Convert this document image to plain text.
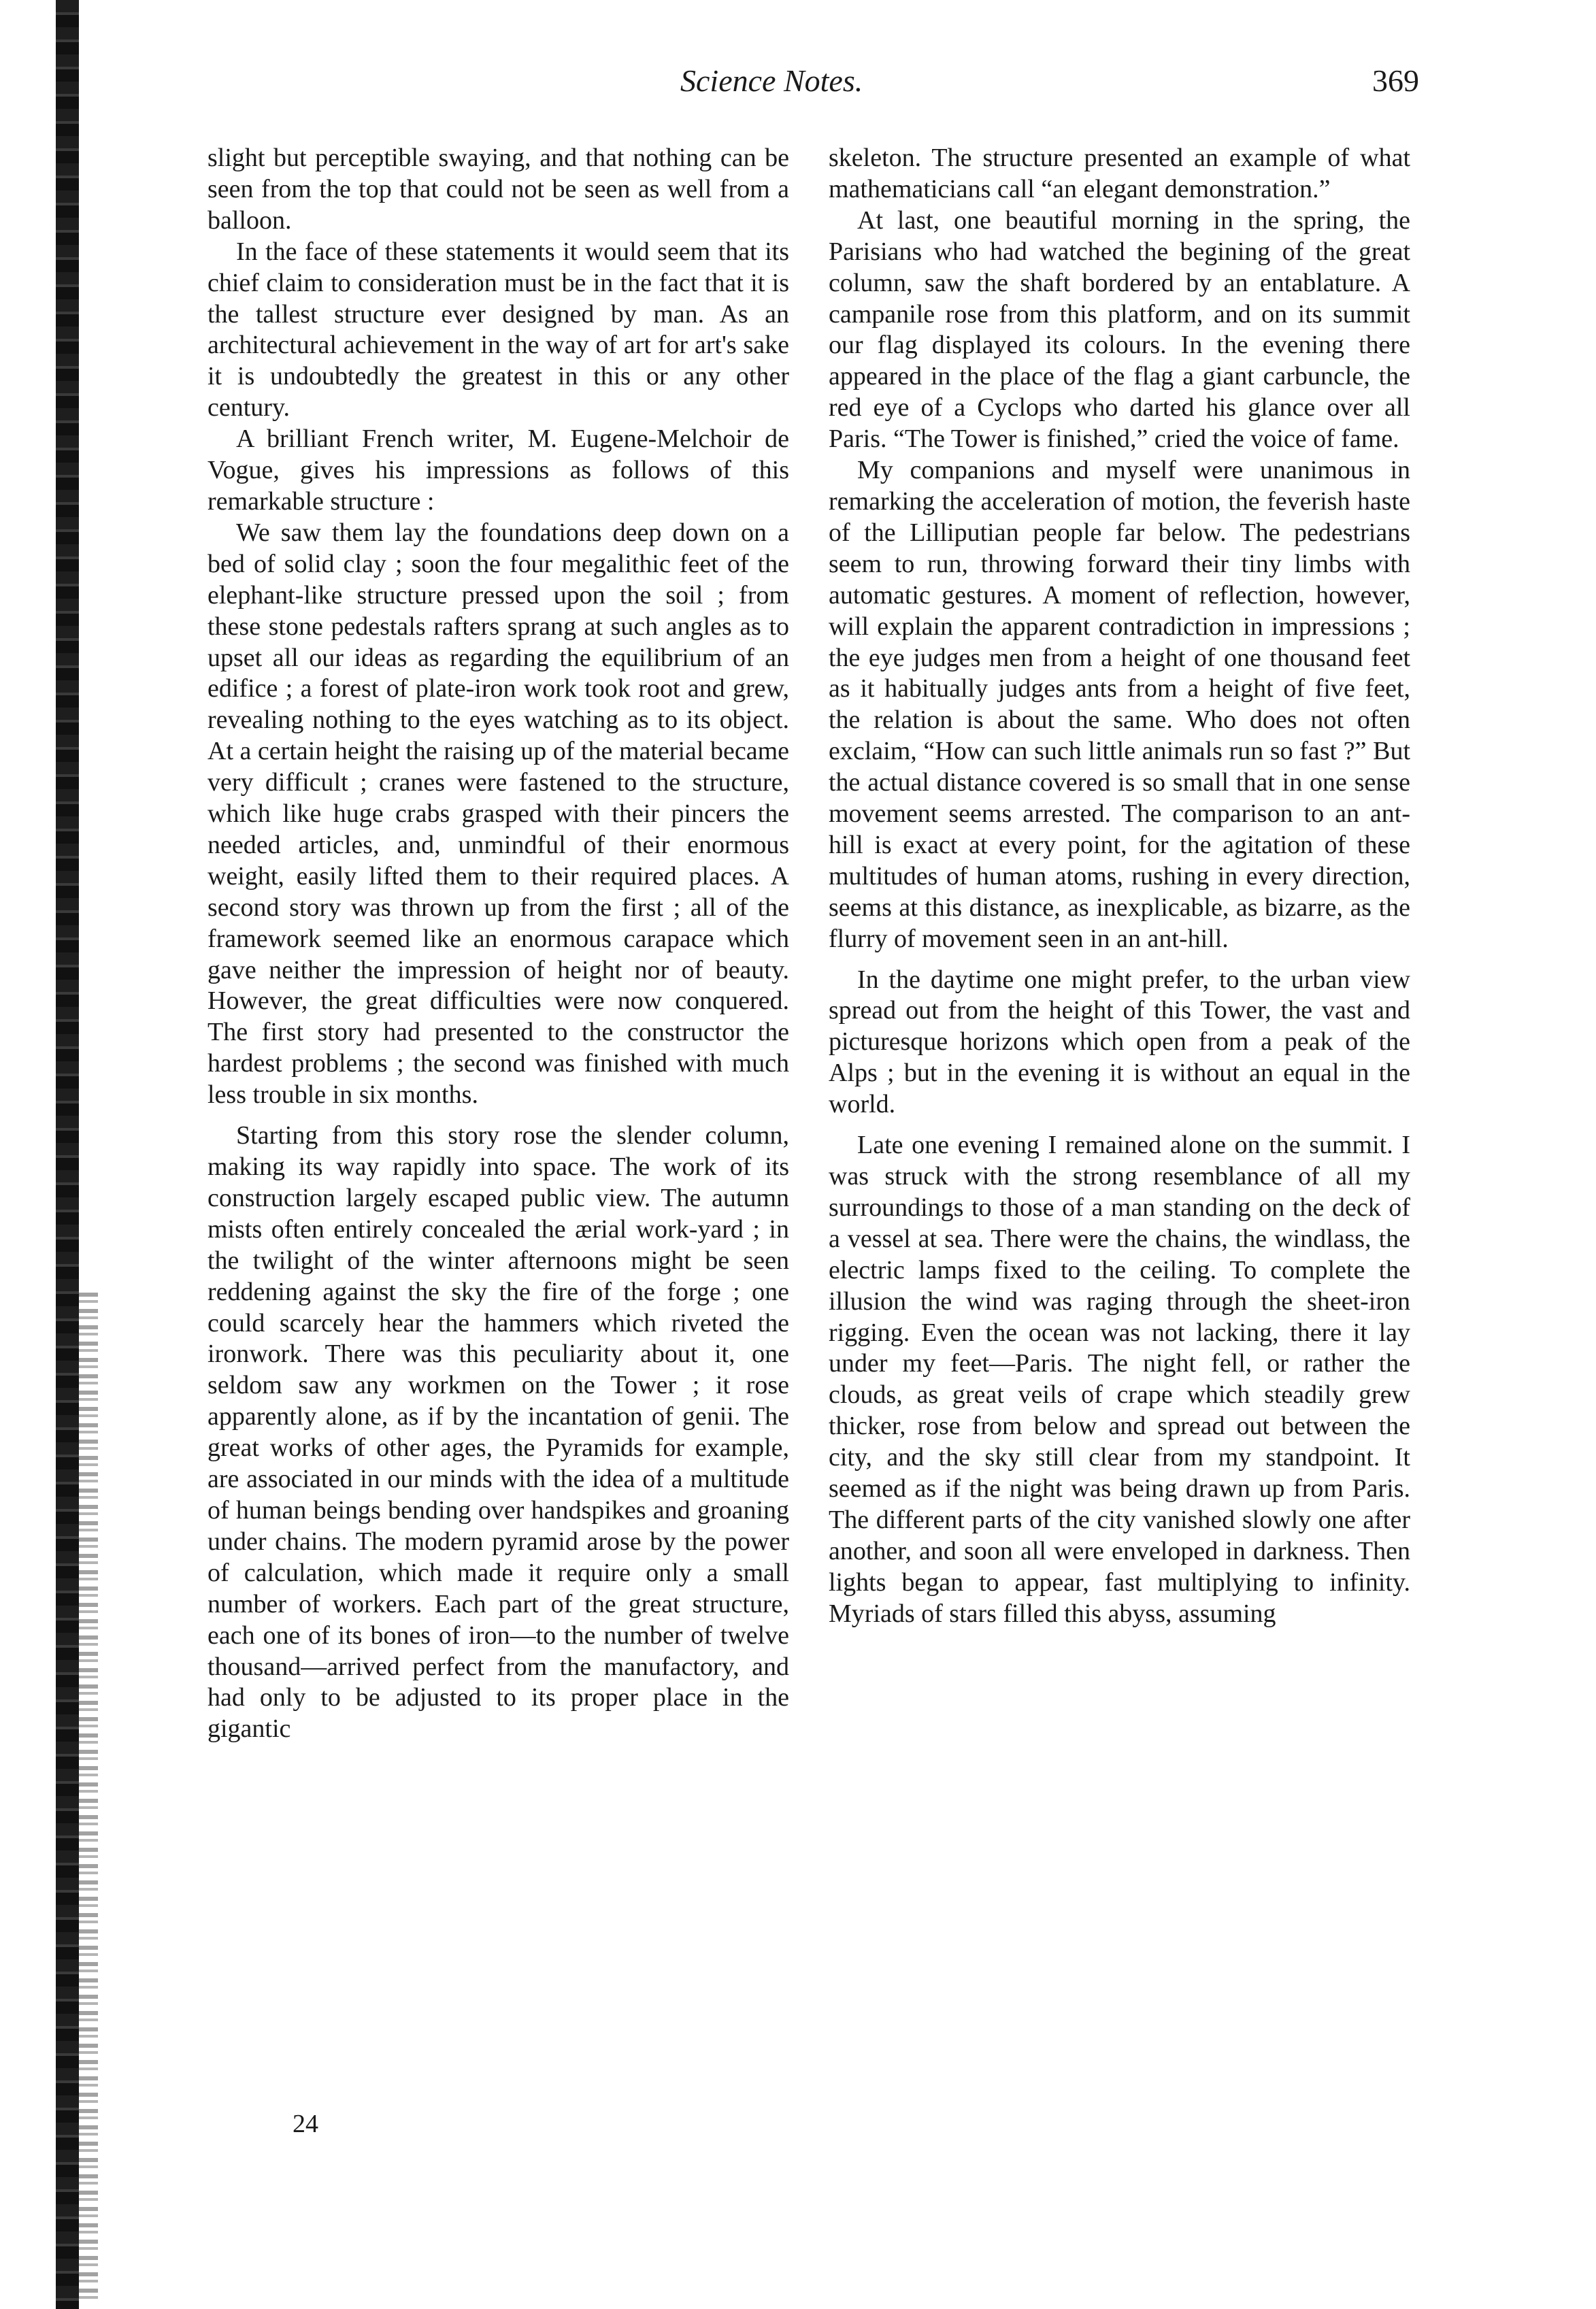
Science Notes.	369

slight but perceptible swaying, and that nothing can be seen from the top that could not be seen as well from a balloon.

In the face of these statements it would seem that its chief claim to consideration must be in the fact that it is the tallest structure ever designed by man. As an architectural achievement in the way of art for art's sake it is undoubtedly the greatest in this or any other century.

A brilliant French writer, M. Eugene-Melchoir de Vogue, gives his impressions as follows of this remarkable structure :

We saw them lay the foundations deep down on a bed of solid clay ; soon the four megalithic feet of the elephant-like structure pressed upon the soil ; from these stone pedestals rafters sprang at such angles as to upset all our ideas as regarding the equilibrium of an edifice ; a forest of plate-iron work took root and grew, revealing nothing to the eyes watching as to its object. At a certain height the raising up of the material became very difficult ; cranes were fastened to the structure, which like huge crabs grasped with their pincers the needed articles, and, unmindful of their enormous weight, easily lifted them to their required places. A second story was thrown up from the first ; all of the framework seemed like an enormous carapace which gave neither the impression of height nor of beauty. However, the great difficulties were now conquered. The first story had presented to the constructor the hardest problems ; the second was finished with much less trouble in six months.

Starting from this story rose the slender column, making its way rapidly into space. The work of its construction largely escaped public view. The autumn mists often entirely concealed the ærial work-yard ; in the twilight of the winter afternoons might be seen reddening against the sky the fire of the forge ; one could scarcely hear the hammers which riveted the ironwork. There was this peculiarity about it, one seldom saw any workmen on the Tower ; it rose apparently alone, as if by the incantation of genii. The great works of other ages, the Pyramids for example, are associated in our minds with the idea of a multitude of human beings bending over handspikes and groaning under chains. The modern pyramid arose by the power of calculation, which made it require only a small number of workers. Each part of the great structure, each one of its bones of iron—to the number of twelve thousand—arrived perfect from the manufactory, and had only to be adjusted to its proper place in the gigantic

skeleton. The structure presented an example of what mathematicians call “an elegant demonstration.”

At last, one beautiful morning in the spring, the Parisians who had watched the begining of the great column, saw the shaft bordered by an entablature. A campanile rose from this platform, and on its summit our flag displayed its colours. In the evening there appeared in the place of the flag a giant carbuncle, the red eye of a Cyclops who darted his glance over all Paris. “The Tower is finished,” cried the voice of fame.

My companions and myself were unanimous in remarking the acceleration of motion, the feverish haste of the Lilliputian people far below. The pedestrians seem to run, throwing forward their tiny limbs with automatic gestures. A moment of reflection, however, will explain the apparent contradiction in impressions ; the eye judges men from a height of one thousand feet as it habitually judges ants from a height of five feet, the relation is about the same. Who does not often exclaim, “How can such little animals run so fast ?” But the actual distance covered is so small that in one sense movement seems arrested. The comparison to an ant-hill is exact at every point, for the agitation of these multitudes of human atoms, rushing in every direction, seems at this distance, as inexplicable, as bizarre, as the flurry of movement seen in an ant-hill.

In the daytime one might prefer, to the urban view spread out from the height of this Tower, the vast and picturesque horizons which open from a peak of the Alps ; but in the evening it is without an equal in the world.

Late one evening I remained alone on the summit. I was struck with the strong resemblance of all my surroundings to those of a man standing on the deck of a vessel at sea. There were the chains, the windlass, the electric lamps fixed to the ceiling. To complete the illusion the wind was raging through the sheet-iron rigging. Even the ocean was not lacking, there it lay under my feet—Paris. The night fell, or rather the clouds, as great veils of crape which steadily grew thicker, rose from below and spread out between the city, and the sky still clear from my standpoint. It seemed as if the night was being drawn up from Paris. The different parts of the city vanished slowly one after another, and soon all were enveloped in darkness. Then lights began to appear, fast multiplying to infinity. Myriads of stars filled this abyss, assuming

24
